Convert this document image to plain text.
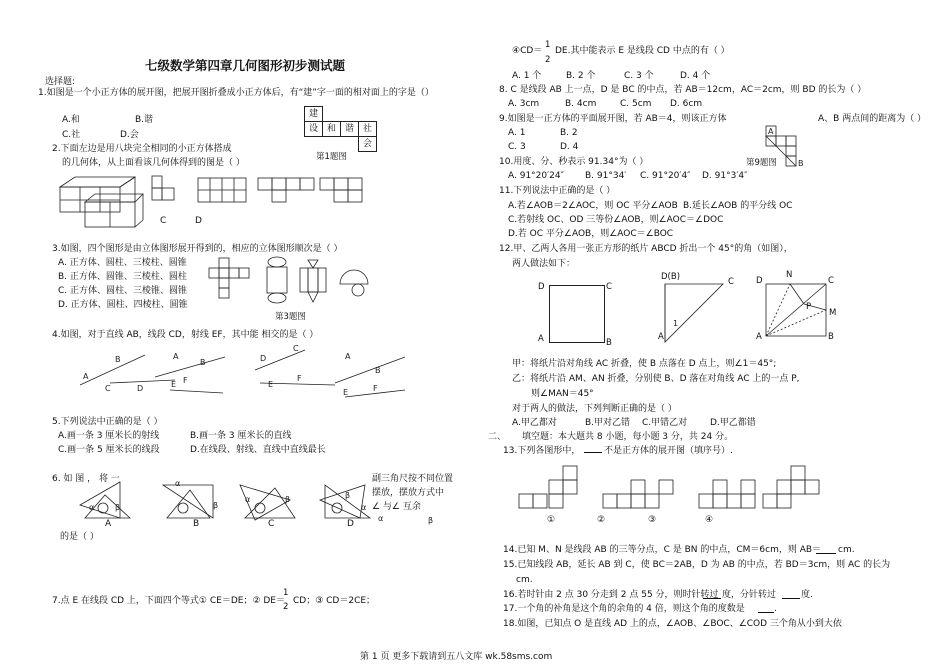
七级数学第四章几何图形初步测试题
选择题:
1.如图是一个小正方体的展开图，把展开图折叠成小正方体后，有“建”字一面的相对面上的字是（）
A.和	B.谐
C.社	D.会
建			
设	和	谐	社
			会
第1题图
2.下面左边是用八块完全相同的小正方体搭成
的几何体，从上面看该几何体得到的图是（ ）
C	D
3.如图，四个图形是由立体图形展开得到的，相应的立体图形顺次是（ ）
A. 正方体、圆柱、三棱柱、圆锥
B. 正方体、圆锥、三棱柱、圆柱
C. 正方体、圆柱、三棱锥、圆锥
D. 正方体、圆柱、四棱柱、圆锥
第3题图
4.如图，对于直线 AB，线段 CD，射线 EF，其中能 相交的是（ ）
A
B
C	D
A
B
E F
D
C
E
F
A
B
E	F
5.下列说法中正确的是（ ）
A.画一条 3 厘米长的射线	B.画一条 3 厘米长的直线
C.画一条 5 厘米长的线段	D.在线段、射线、直线中直线最长
6. 如 图 ， 将 一	副三角尺按不同位置
摆放，摆放方式中
∠ 与∠ 互余
α	β
的是（ ）
α	β
α
β
α	β	β
α
A	B	C	D
7.点 E 在线段 CD 上，下面四个等式① CE＝DE；② DE＝
1
2
CD；③ CD＝2CE；
④CD＝
1
2
DE.其中能表示 E 是线段 CD 中点的有（ ）
A. 1 个	B. 2 个	C. 3 个	D. 4 个
8. C 是线段 AB 上一点，D 是 BC 的中点，若 AB＝12cm，AC＝2cm，则 BD 的长为（ ）
A. 3cm	B. 4cm	C. 5cm D. 6cm
9.如图是一正方体的平面展开图，若 AB＝4，则该正方体	A、B 两点间的距离为（ ）
A. 1	B. 2
C. 3	D. 4
A
B
第9题图
10.用度、分、秒表示 91.34°为（ ）
A. 91°20′24″ B. 91°34′ C. 91°20′4″ D. 91°3′4″
11.下列说法中正确的是（ ）
A.若∠AOB＝2∠AOC，则 OC 平分∠AOB B.延长∠AOB 的平分线 OC
C.若射线 OC、OD 三等份∠AOB，则∠AOC＝∠DOC
D.若 OC 平分∠AOB，则∠AOC＝∠BOC
12.甲、乙两人各用一张正方形的纸片 ABCD 折出一个 45°的角（如图），
两人做法如下：
D	C
A	B
1
D(B)	C
A
N
D	C
P
M
A	B
甲：将纸片沿对角线 AC 折叠，使 B 点落在 D 点上，则∠1＝45°;
乙：将纸片沿 AM、AN 折叠，分别使 B、D 落在对角线 AC 上的一点 P,
则∠MAN＝45°
对于两人的做法，下列判断正确的是（ ）
A.甲乙都对	B.甲对乙错 C.甲错乙对	D.甲乙都错
二、 填空题：本大题共 8 小题，每小题 3 分，共 24 分。
13.下列各图形中，	不是正方体的展开图（填序号）.
①	②	③	④
14.已知 M、N 是线段 AB 的三等分点，C 是 BN 的中点，CM＝6cm，则 AB＝ cm.
15.已知线段 AB，延长 AB 到 C，使 BC＝2AB，D 为 AB 的中点，若 BD＝3cm，则 AC 的长为
cm.
16.若时针由 2 点 30 分走到 2 点 55 分，则时针转过 度，分针转过	度.
17.一个角的补角是这个角的余角的 4 倍，则这个角的度数是	.
18.如图，已知点 O 是直线 AD 上的点，∠AOB、∠BOC、∠COD 三个角从小到大依
第 1 页 更多下载请到五八文库 wk.58sms.com
